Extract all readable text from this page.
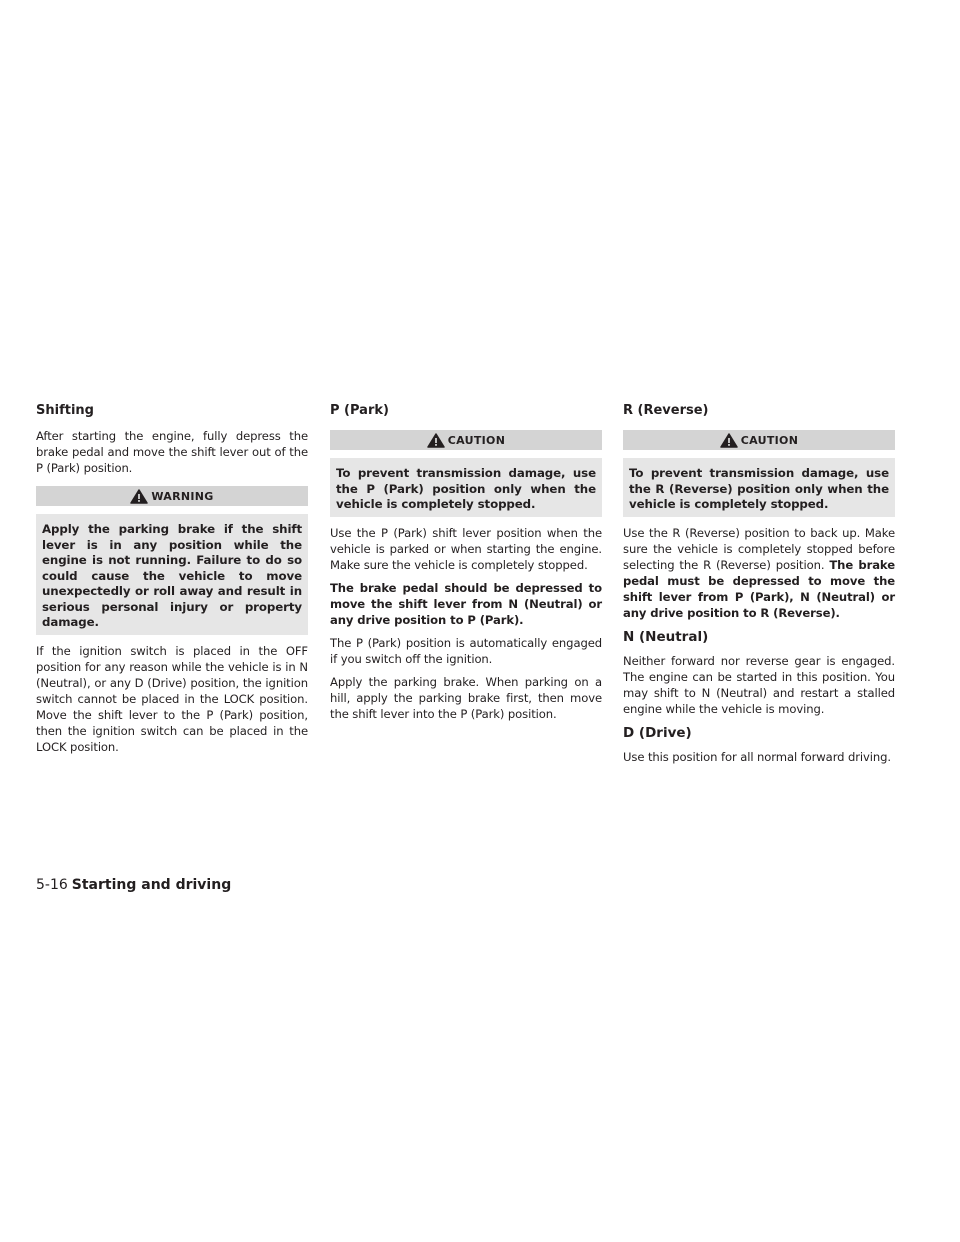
Shifting

After starting the engine, fully depress the brake pedal and move the shift lever out of the P (Park) position.

WARNING
Apply the parking brake if the shift lever is in any position while the engine is not running. Failure to do so could cause the vehicle to move unexpectedly or roll away and result in serious personal injury or property damage.

If the ignition switch is placed in the OFF position for any reason while the vehicle is in N (Neutral), or any D (Drive) position, the ignition switch cannot be placed in the LOCK position. Move the shift lever to the P (Park) position, then the ignition switch can be placed in the LOCK position.

P (Park)
CAUTION
To prevent transmission damage, use the P (Park) position only when the vehicle is completely stopped.

Use the P (Park) shift lever position when the vehicle is parked or when starting the engine. Make sure the vehicle is completely stopped.

The brake pedal should be depressed to move the shift lever from N (Neutral) or any drive position to P (Park).

The P (Park) position is automatically engaged if you switch off the ignition.

Apply the parking brake. When parking on a hill, apply the parking brake first, then move the shift lever into the P (Park) position.

R (Reverse)
CAUTION
To prevent transmission damage, use the R (Reverse) position only when the vehicle is completely stopped.

Use the R (Reverse) position to back up. Make sure the vehicle is completely stopped before selecting the R (Reverse) position. The brake pedal must be depressed to move the shift lever from P (Park), N (Neutral) or any drive position to R (Reverse).

N (Neutral)

Neither forward nor reverse gear is engaged. The engine can be started in this position. You may shift to N (Neutral) and restart a stalled engine while the vehicle is moving.

D (Drive)

Use this position for all normal forward driving.

5-16 Starting and driving
